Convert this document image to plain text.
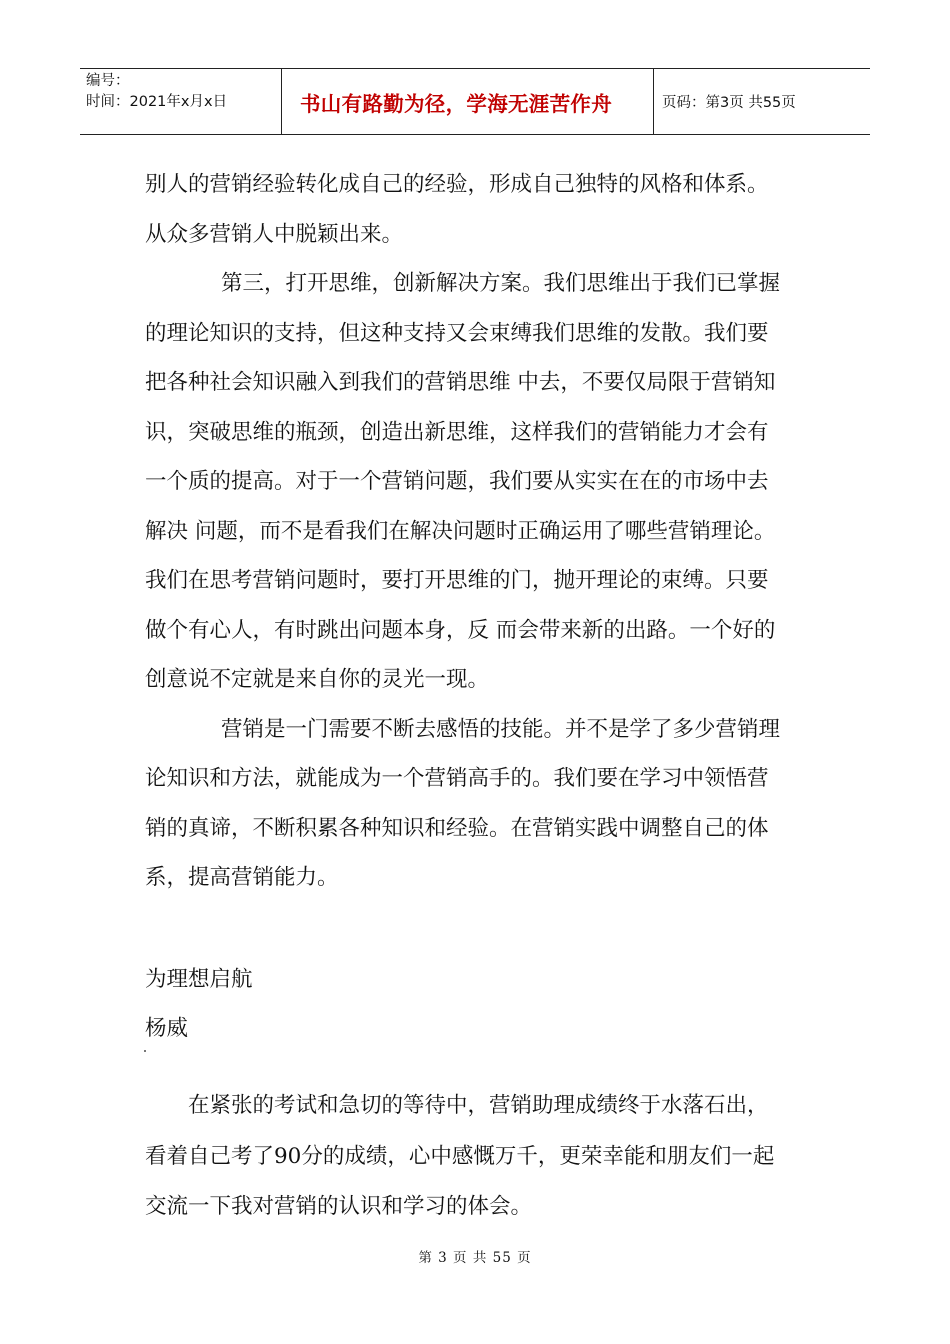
编号：
时间：2021年x月x日	书山有路勤为径，学海无涯苦作舟	页码：第3页 共55页
别人的营销经验转化成自己的经验，形成自己独特的风格和体系。
从众多营销人中脱颖出来。
第三，打开思维，创新解决方案。我们思维出于我们已掌握
的理论知识的支持，但这种支持又会束缚我们思维的发散。我们要
把各种社会知识融入到我们的营销思维 中去，不要仅局限于营销知
识，突破思维的瓶颈，创造出新思维，这样我们的营销能力才会有
一个质的提高。对于一个营销问题，我们要从实实在在的市场中去
解决 问题，而不是看我们在解决问题时正确运用了哪些营销理论。
我们在思考营销问题时，要打开思维的门，抛开理论的束缚。只要
做个有心人，有时跳出问题本身，反 而会带来新的出路。一个好的
创意说不定就是来自你的灵光一现。
营销是一门需要不断去感悟的技能。并不是学了多少营销理
论知识和方法，就能成为一个营销高手的。我们要在学习中领悟营
销的真谛，不断积累各种知识和经验。在营销实践中调整自己的体
系，提高营销能力。
为理想启航
杨威
在紧张的考试和急切的等待中，营销助理成绩终于水落石出，
看着自己考了90分的成绩，心中感慨万千，更荣幸能和朋友们一起
交流一下我对营销的认识和学习的体会。
第 3 页 共 55 页
